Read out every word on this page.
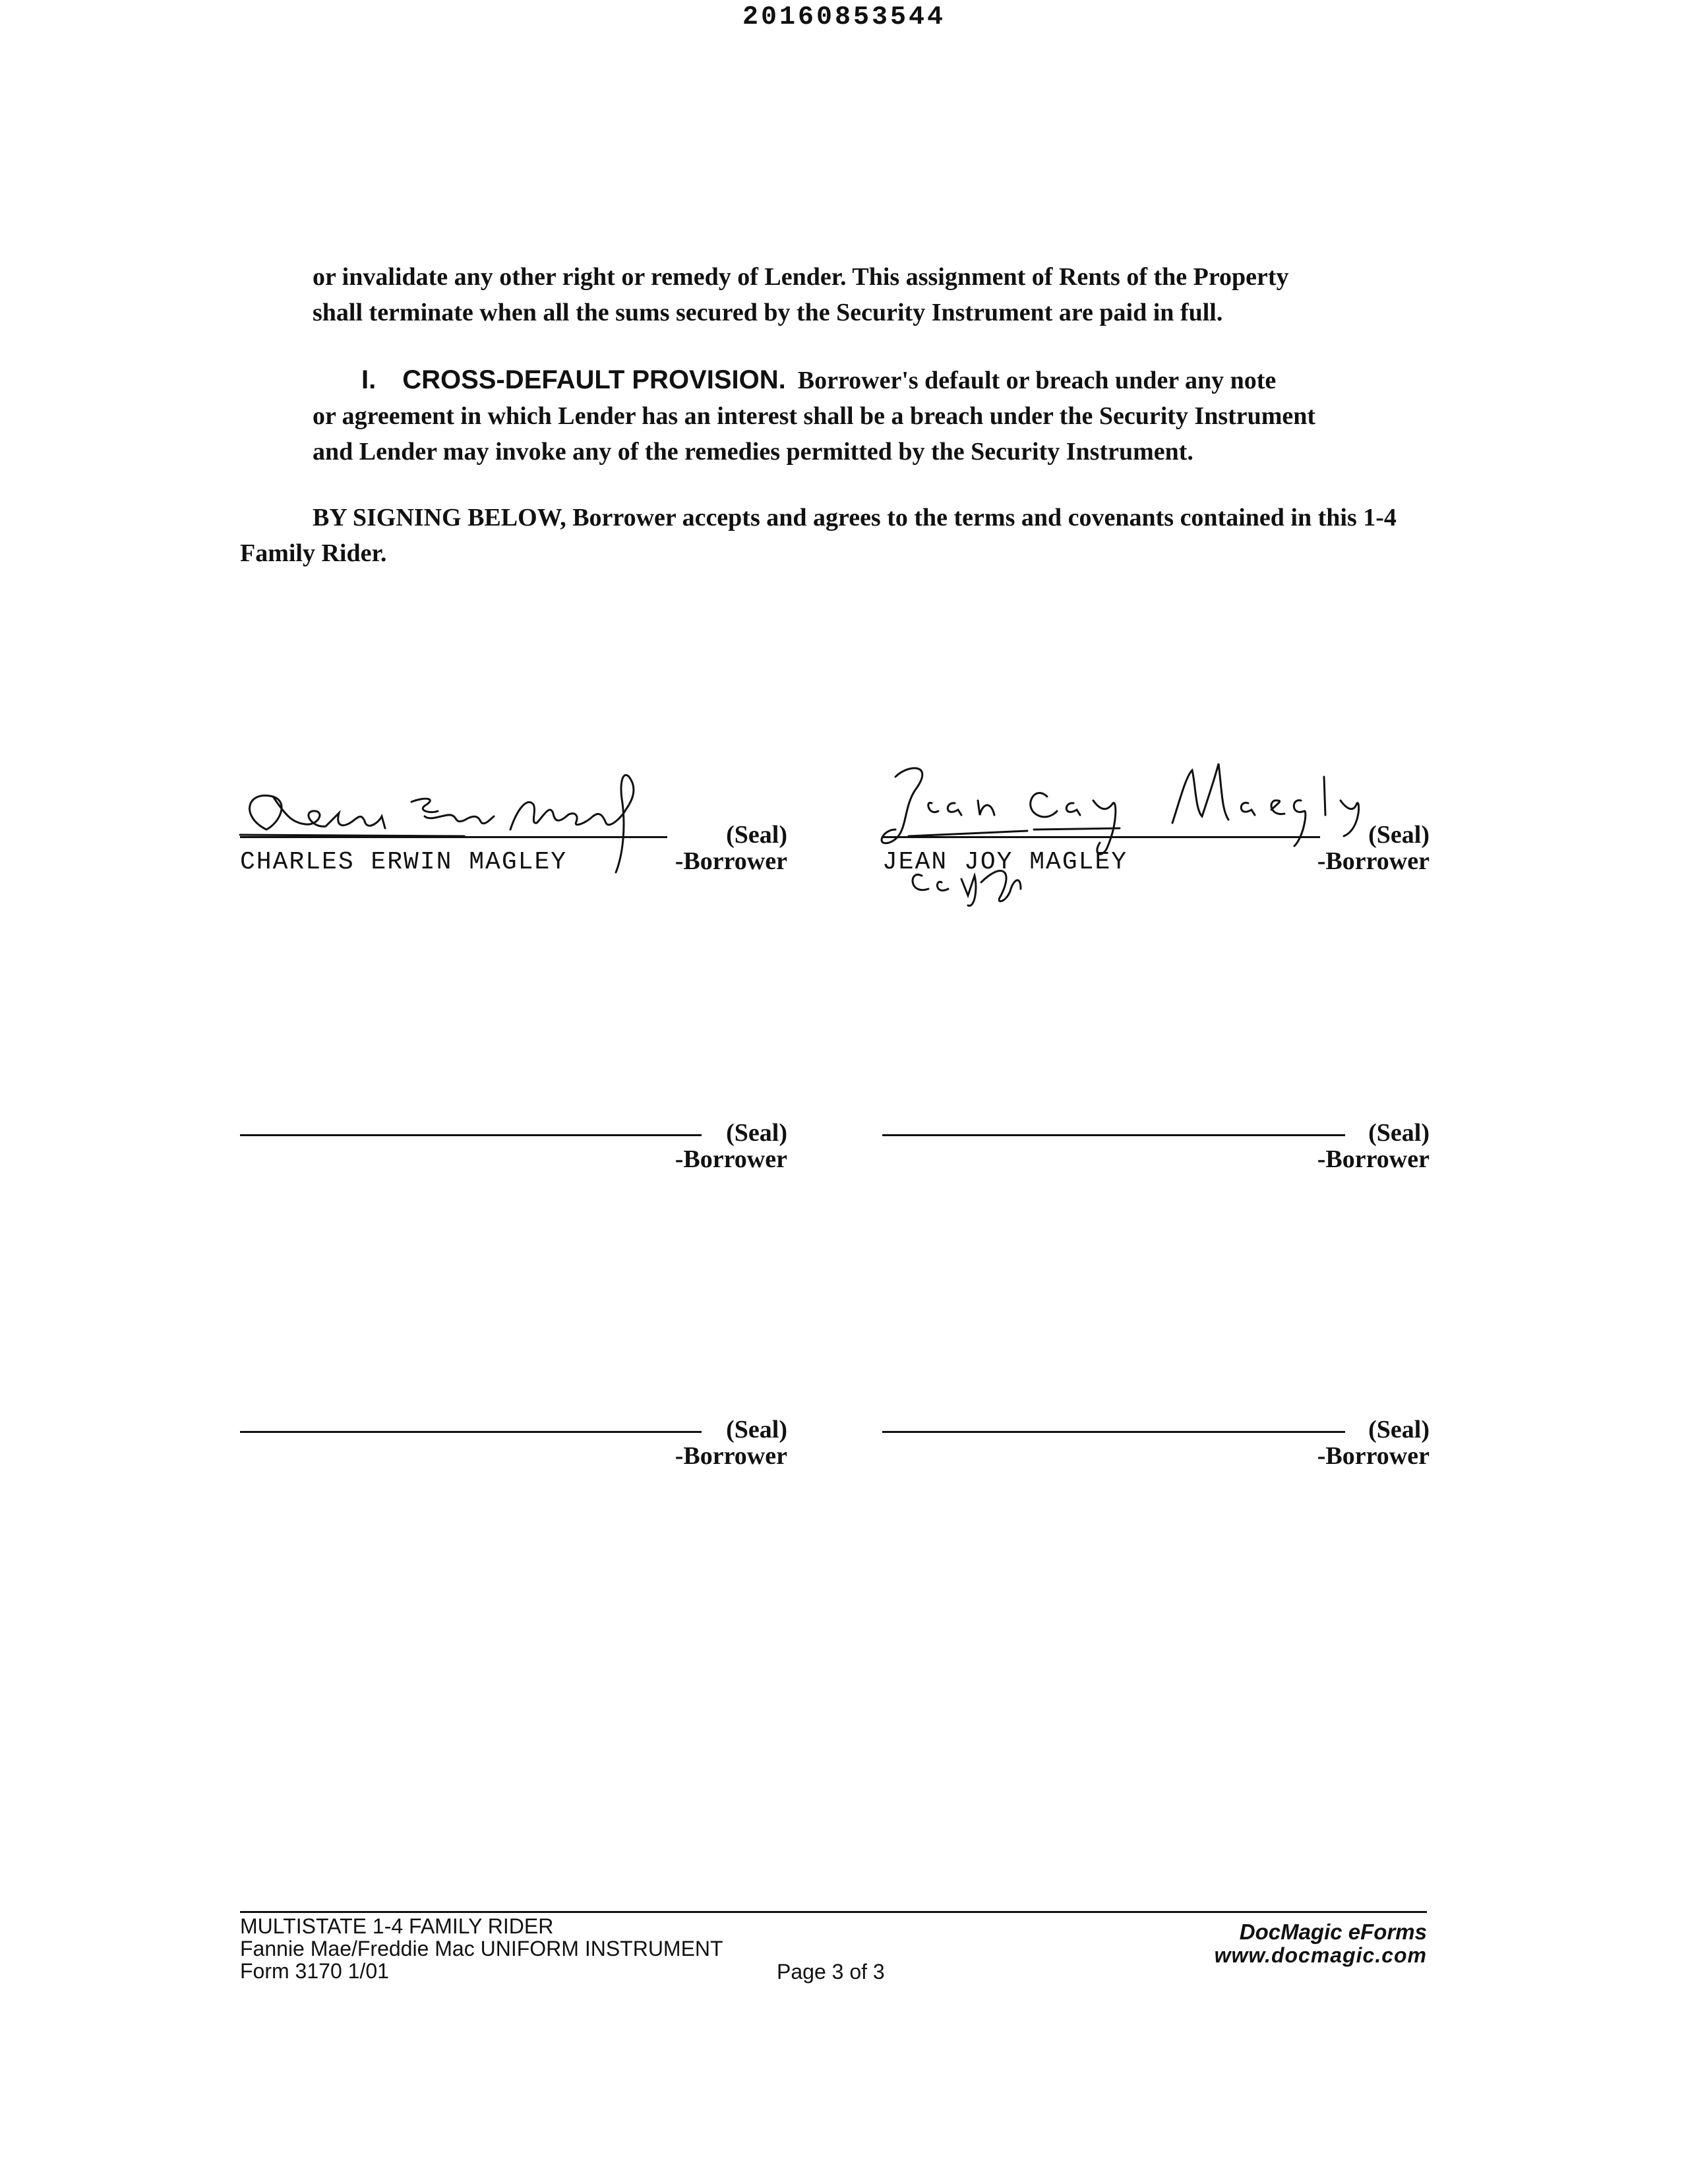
20160853544

or invalidate any other right or remedy of Lender. This assignment of Rents of the Property
shall terminate when all the sums secured by the Security Instrument are paid in full.

I. CROSS-DEFAULT PROVISION. Borrower's default or breach under any note
or agreement in which Lender has an interest shall be a breach under the Security Instrument
and Lender may invoke any of the remedies permitted by the Security Instrument.

BY SIGNING BELOW, Borrower accepts and agrees to the terms and covenants contained in this 1-4
Family Rider.

(Seal)
-Borrower
CHARLES ERWIN MAGLEY
(Seal)
-Borrower
JEAN JOY MAGLEY
(Seal)
-Borrower
(Seal)
-Borrower
(Seal)
-Borrower
(Seal)
-Borrower
MULTISTATE 1-4 FAMILY RIDER
Fannie Mae/Freddie Mac UNIFORM INSTRUMENT
Form 3170 1/01	Page 3 of 3
DocMagic eForms
www.docmagic.com
